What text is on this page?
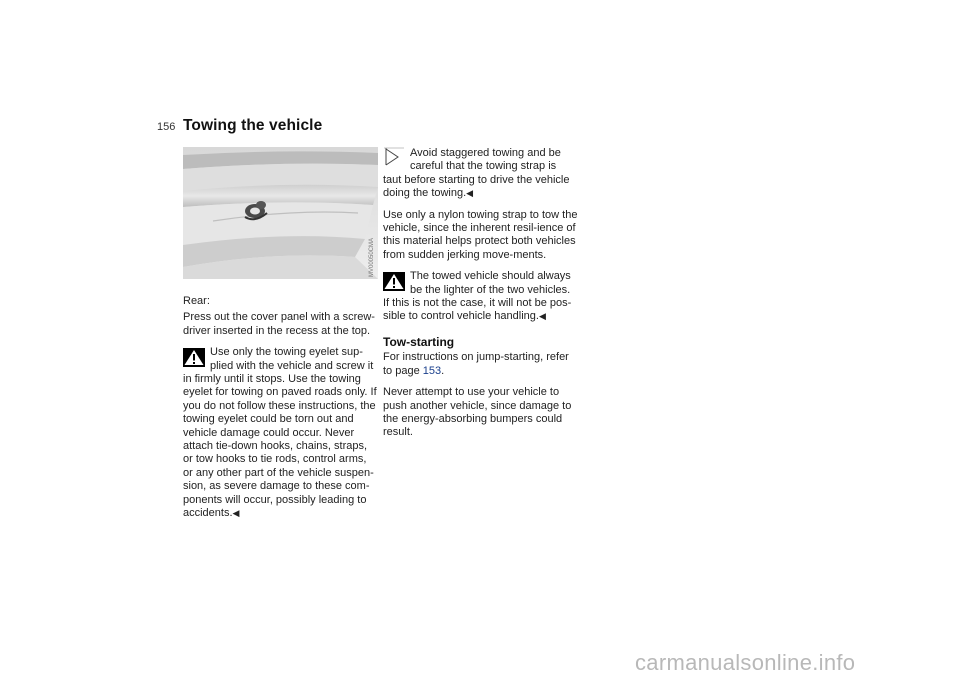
156 Towing the vehicle
MV00050CMA

Rear:

Press out the cover panel with a screw-driver inserted in the recess at the top.

Use only the towing eyelet sup-
plied with the vehicle and screw it
in firmly until it stops. Use the towing eyelet for towing on paved roads only. If you do not follow these instructions, the towing eyelet could be torn out and vehicle damage could occur. Never attach tie-down hooks, chains, straps, or tow hooks to tie rods, control arms, or any other part of the vehicle suspen-sion, as severe damage to these com-ponents will occur, possibly leading to accidents.◀
Avoid staggered towing and be
careful that the towing strap is
taut before starting to drive the vehicle doing the towing.◀

Use only a nylon towing strap to tow the vehicle, since the inherent resil-ience of this material helps protect both vehicles from sudden jerking move-ments.

The towed vehicle should always
be the lighter of the two vehicles.
If this is not the case, it will not be pos-sible to control vehicle handling.◀

Tow-starting

For instructions on jump-starting, refer to page 153.

Never attempt to use your vehicle to push another vehicle, since damage to the energy-absorbing bumpers could result.

carmanualsonline.info
